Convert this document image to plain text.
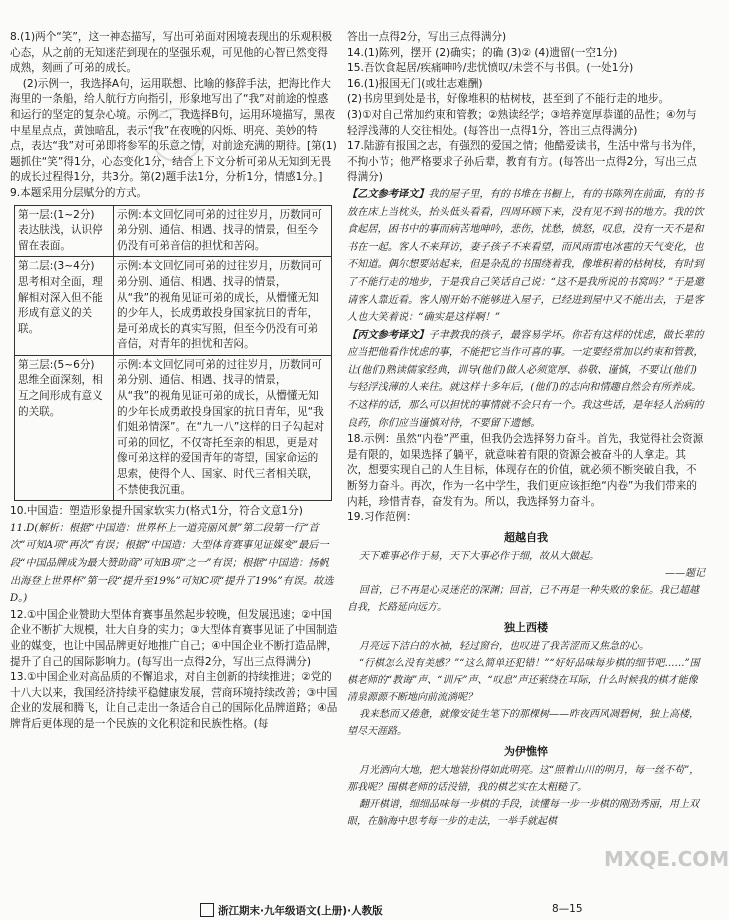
8.(1)两个“笑”，这一神态描写，写出可弟面对困境表现出的乐观积极心态，从之前的无知迷茫到现在的坚强乐观，可见他的心智已然变得成熟，刻画了可弟的成长。

(2)示例一，我选择A句，运用联想、比喻的修辞手法，把海比作大海里的一条船，给人航行方向指引，形象地写出了“我”对前途的惶惑和运行的坚定的复杂心境。示例二，我选择B句，运用环境描写，黑夜中星星点点，黄蚀暗乱，表示“我”在夜晚的闪烁、明亮、美妙的特点，表达“我”对可弟即将参军的乐意之情，对前途充满的期待。[第(1)题抓住“笑”得1分，心态变化1分，结合上下文分析可弟从无知到无畏的成长过程得1分，共3分。第(2)题手法1分，分析1分，情感1分。]

9.本题采用分层赋分的方式。

第一层:(1~2分)
表达肤浅，认识停留在表面。	示例:本文回忆同可弟的过往岁月，历数同可弟分别、通信、相遇、找寻的情景，但至今仍没有可弟音信的担忧和苦闷。
第二层:(3~4分)
思考相对全面，理解相对深入但不能形成有意义的关联。	示例:本文回忆同可弟的过往岁月，历数同可弟分别、通信、相遇、找寻的情景，从“我”的视角见证可弟的成长，从懵懂无知的少年人，长成勇敢投身国家抗日的青年，是可弟成长的真实写照，但至今仍没有可弟音信，对青年的担忧和苦闷。
第三层:(5~6分)
思维全面深刻，相互之间形成有意义的关联。	示例:本文回忆同可弟的过往岁月，历数同可弟分别、通信、相遇、找寻的情景，从“我”的视角见证可弟的成长，从懵懂无知的少年长成勇敢投身国家的抗日青年，见“我们姐弟情深”。在“九一八”这样的日子勾起对可弟的回忆，不仅寄托至亲的相思，更是对像可弟这样的爱国青年的寄望，国家命运的思索，使得个人、国家、时代三者相关联，不禁使我沉重。

10.中国造：塑造形象提升国家软实力(格式1分，符合文意1分)

11.D(解析：根据“中国造：世界杯上一道亮丽风景”第二段第一行“首次”可知A项“再次”有误；根据“中国造：大型体育赛事见证媒变”最后一段“中国品牌成为最大赞助商”可知B项“之一”有误；根据“中国造：扬帆出海登上世界杯”第一段“提升至19%”可知C项“提升了19%”有误。故选D。)

12.①中国企业赞助大型体育赛事虽然起步较晚，但发展迅速；②中国企业不断扩大规模，壮大自身的实力；③大型体育赛事见证了中国制造业的媒变，也让中国品牌更好地推广自己；④中国企业不断打造品牌，提升了自己的国际影响力。(每写出一点得2分，写出三点得满分)

13.①中国企业对高品质的不懈追求，对自主创新的持续推进；②党的十八大以来，我国经济持续平稳健康发展，营商环境持续改善；③中国企业的发展和腾飞，让自己走出一条适合自己的国际化品牌道路；④品牌背后更体现的是一个民族的文化积淀和民族性格。(每

答出一点得2分，写出三点得满分)

14.(1)陈列，摆开 (2)确实；的确 (3)② (4)遗留(一空1分)

15.吾饮食起居/疾痛呻吟/悲忧愤叹/未尝不与书俱。(一处1分)

16.(1)报国无门(或壮志难酬)

(2)书房里到处是书，好像堆积的枯树枝，甚至到了不能行走的地步。

(3)①对自己常加约束和管教；②熟读经学；③培养宽厚恭谨的品性；④勿与轻浮浅薄的人交往相处。(每答出一点得1分，答出三点得满分)

17.陆游有报国之志，有强烈的爱国之情；他酷爱读书，生活中常与书为伴，不拘小节；他严格要求子孙后辈，教育有方。(每答出一点得2分，写出三点得满分)

【乙文参考译文】我的屋子里，有的书堆在书橱上，有的书陈列在前面，有的书放在床上当枕头，抬头低头看看，四周环顾下来，没有见不到书的地方。我的饮食起居，困书中的事而病苦地呻吟，悲伤，忧愁，愤怒，叹息，没有一天不是和书在一起。客人不来拜访，妻子孩子不来看望，而风雨雷电冰雹的天气变化，也不知道。偶尔想要站起来，但是杂乱的书围绕着我，像堆积着的枯树枝，有时到了不能行走的地步，于是我自己笑话自己说：“这不是我所说的书窝吗？”于是邀请客人靠近看。客人刚开始不能够进入屋子，已经进到屋中又不能出去，于是客人也大笑着说：“确实是这样啊！”

【丙文参考译文】子聿教我的孩子，最容易学坏。你若有这样的忧虑，做长辈的应当把他看作忧虑的事，不能把它当作可喜的事。一定要经常加以约束和管教，让(他们)熟读儒家经典，训导(他们)做人必须宽厚、恭敬、谨慎，不要让(他们)与轻浮浅薄的人来往。就这样十多年后，(他们)的志向和情趣自然会有所养成。不这样的话，那么可以担忧的事情就不会只有一个。我这些话，是年轻人治病的良药，你们应当谨慎对待，不要留下遗憾。

18.示例：虽然“内卷”严重，但我仍会选择努力奋斗。首先，我觉得社会资源是有限的，如果选择了躺平，就意味着有限的资源会被奋斗的人拿走。其次，想要实现自己的人生目标，体现存在的价值，就必须不断突破自我，不断努力奋斗。再次，作为一名中学生，我们更应该拒绝“内卷”为我们带来的内耗，珍惜青春，奋发有为。所以，我选择努力奋斗。

19.习作范例：

超越自我

天下难事必作于易，天下大事必作于细，故从大做起。

——题记

回首，已不再是心灵迷茫的深渊；回首，已不再是一种失败的象征。我已超越自我，长路延向远方。

独上西楼

月亮远下洁白的水袖，轻过窗台，也叹进了我苦涩而又焦急的心。

“行棋怎么没有美感？”“这么简单还犯错！”“好好品味每步棋的细节吧……”围棋老师的“教诲”声、“训斥”声、“叹息”声还萦绕在耳际，什么时候我的棋才能像清泉源源不断地向前流淌呢？

我来愁而又倦惫，就像安徒生笔下的那棵树——昨夜西风凋碧树，独上高楼，望尽天涯路。

为伊憔悴

月光洒向大地，把大地装扮得如此明亮。这“照着山川的明月，每一丝不苟”，那我呢？围棋老师的话没错，我的棋艺实在太粗糙了。

翻开棋谱，细细品味每一步棋的手段，读懂每一步一步棋的刚劲秀丽，用上双眼，在脑海中思考每一步的走法，一举手就起棋

MXQE.COM
浙江期末·九年级语文(上册)·人教版	8—15
